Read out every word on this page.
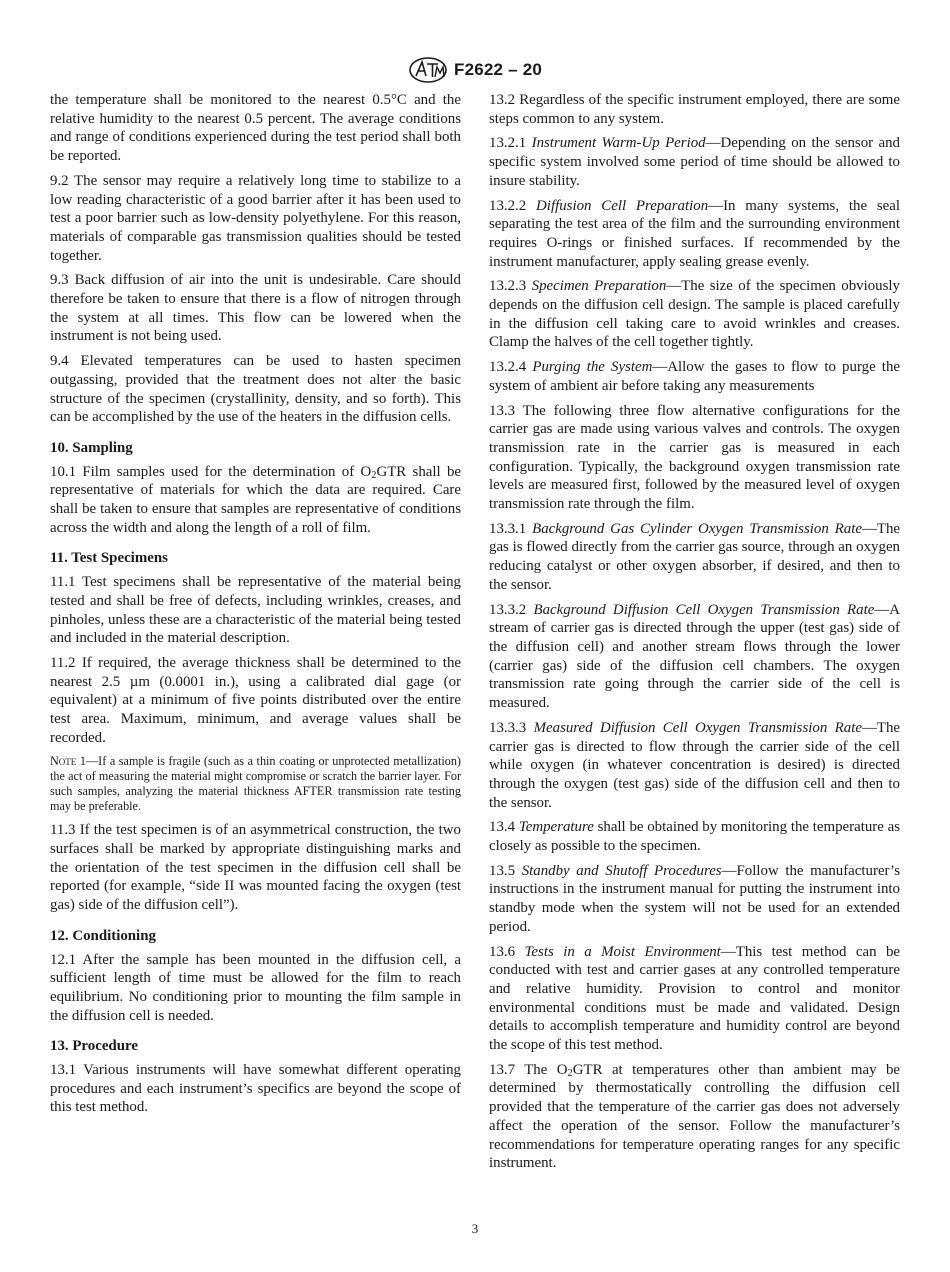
F2622 – 20

the temperature shall be monitored to the nearest 0.5°C and the relative humidity to the nearest 0.5 percent. The average conditions and range of conditions experienced during the test period shall both be reported.

9.2 The sensor may require a relatively long time to stabilize to a low reading characteristic of a good barrier after it has been used to test a poor barrier such as low-density polyethylene. For this reason, materials of comparable gas transmission qualities should be tested together.

9.3 Back diffusion of air into the unit is undesirable. Care should therefore be taken to ensure that there is a flow of nitrogen through the system at all times. This flow can be lowered when the instrument is not being used.

9.4 Elevated temperatures can be used to hasten specimen outgassing, provided that the treatment does not alter the basic structure of the specimen (crystallinity, density, and so forth). This can be accomplished by the use of the heaters in the diffusion cells.

10. Sampling

10.1 Film samples used for the determination of $O_2GTR$ shall be representative of materials for which the data are required. Care shall be taken to ensure that samples are representative of conditions across the width and along the length of a roll of film.

11. Test Specimens

11.1 Test specimens shall be representative of the material being tested and shall be free of defects, including wrinkles, creases, and pinholes, unless these are a characteristic of the material being tested and included in the material description.

11.2 If required, the average thickness shall be determined to the nearest 2.5 µm (0.0001 in.), using a calibrated dial gage (or equivalent) at a minimum of five points distributed over the entire test area. Maximum, minimum, and average values shall be recorded.

Note 1—If a sample is fragile (such as a thin coating or unprotected metallization) the act of measuring the material might compromise or scratch the barrier layer. For such samples, analyzing the material thickness AFTER transmission rate testing may be preferable.

11.3 If the test specimen is of an asymmetrical construction, the two surfaces shall be marked by appropriate distinguishing marks and the orientation of the test specimen in the diffusion cell shall be reported (for example, “side II was mounted facing the oxygen (test gas) side of the diffusion cell”).

12. Conditioning

12.1 After the sample has been mounted in the diffusion cell, a sufficient length of time must be allowed for the film to reach equilibrium. No conditioning prior to mounting the film sample in the diffusion cell is needed.

13. Procedure

13.1 Various instruments will have somewhat different operating procedures and each instrument’s specifics are beyond the scope of this test method.

13.2 Regardless of the specific instrument employed, there are some steps common to any system.

13.2.1 Instrument Warm-Up Period—Depending on the sensor and specific system involved some period of time should be allowed to insure stability.

13.2.2 Diffusion Cell Preparation—In many systems, the seal separating the test area of the film and the surrounding environment requires O-rings or finished surfaces. If recommended by the instrument manufacturer, apply sealing grease evenly.

13.2.3 Specimen Preparation—The size of the specimen obviously depends on the diffusion cell design. The sample is placed carefully in the diffusion cell taking care to avoid wrinkles and creases. Clamp the halves of the cell together tightly.

13.2.4 Purging the System—Allow the gases to flow to purge the system of ambient air before taking any measurements

13.3 The following three flow alternative configurations for the carrier gas are made using various valves and controls. The oxygen transmission rate in the carrier gas is measured in each configuration. Typically, the background oxygen transmission rate levels are measured first, followed by the measured level of oxygen transmission rate through the film.

13.3.1 Background Gas Cylinder Oxygen Transmission Rate—The gas is flowed directly from the carrier gas source, through an oxygen reducing catalyst or other oxygen absorber, if desired, and then to the sensor.

13.3.2 Background Diffusion Cell Oxygen Transmission Rate—A stream of carrier gas is directed through the upper (test gas) side of the diffusion cell) and another stream flows through the lower (carrier gas) side of the diffusion cell chambers. The oxygen transmission rate going through the carrier side of the cell is measured.

13.3.3 Measured Diffusion Cell Oxygen Transmission Rate—The carrier gas is directed to flow through the carrier side of the cell while oxygen (in whatever concentration is desired) is directed through the oxygen (test gas) side of the diffusion cell and then to the sensor.

13.4 Temperature shall be obtained by monitoring the temperature as closely as possible to the specimen.

13.5 Standby and Shutoff Procedures—Follow the manufacturer’s instructions in the instrument manual for putting the instrument into standby mode when the system will not be used for an extended period.

13.6 Tests in a Moist Environment—This test method can be conducted with test and carrier gases at any controlled temperature and relative humidity. Provision to control and monitor environmental conditions must be made and validated. Design details to accomplish temperature and humidity control are beyond the scope of this test method.

13.7 The $O_2GTR$ at temperatures other than ambient may be determined by thermostatically controlling the diffusion cell provided that the temperature of the carrier gas does not adversely affect the operation of the sensor. Follow the manufacturer’s recommendations for temperature operating ranges for any specific instrument.

3
